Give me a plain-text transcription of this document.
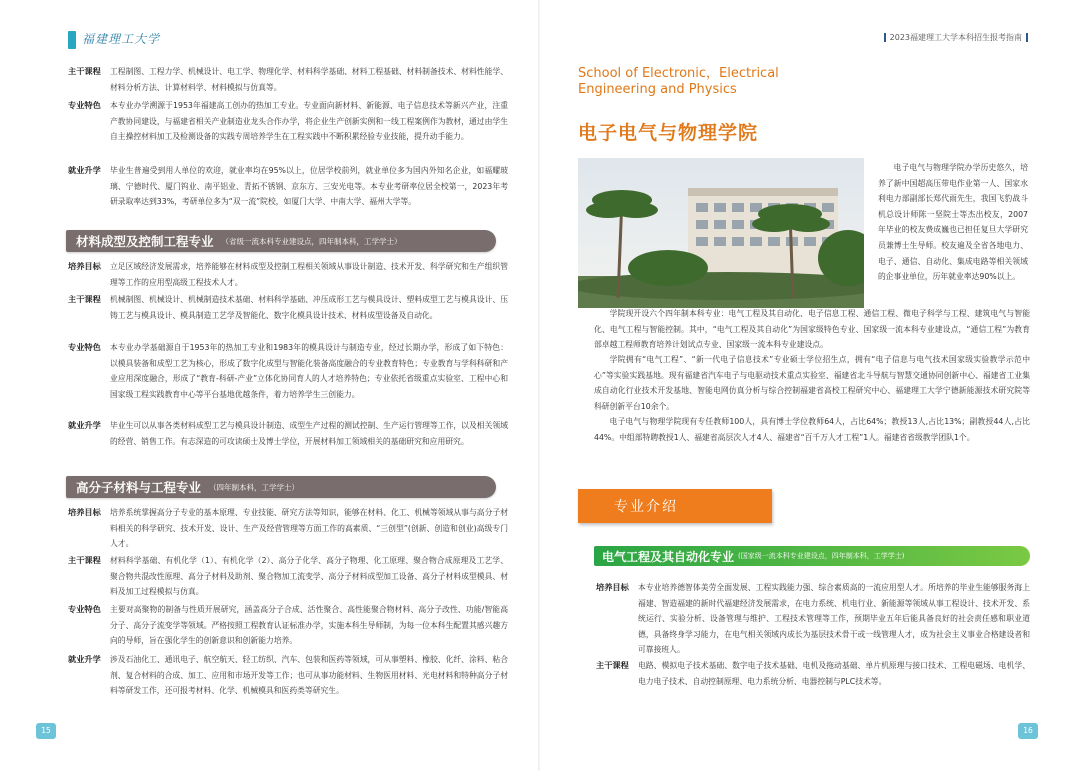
福建理工大学
主干课程	工程制图、工程力学、机械设计、电工学、物理化学、材料科学基础、材料工程基础、材料制备技术、材料性能学、材料分析方法、计算材料学、材料模拟与仿真等。
专业特色	本专业办学溯源于1953年福建高工创办的热加工专业。专业面向新材料、新能源、电子信息技术等新兴产业，注重产教协同建设，与福建省相关产业制造业龙头合作办学，将企业生产创新实例和一线工程案例作为教材，通过由学生自主操控材料加工及检测设备的实践专周培养学生在工程实践中不断积累经验专业技能，提升动手能力。
就业升学	毕业生普遍受到用人单位的欢迎，就业率均在95%以上，位居学校前列，就业单位多为国内外知名企业，如福耀玻璃、宁德时代、厦门钨业、南平铝业、青拓不锈钢、京东方、三安光电等。本专业考研率位居全校第一，2023年考研录取率达到33%，考研单位多为“双一流”院校，如厦门大学、中南大学、福州大学等。
材料成型及控制工程专业 （省级一流本科专业建设点，四年制本科，工学学士）
培养目标	立足区域经济发展需求，培养能够在材料成型及控制工程相关领域从事设计制造、技术开发、科学研究和生产组织管理等工作的应用型高级工程技术人才。
主干课程	机械制图、机械设计、机械制造技术基础、材料科学基础、冲压成形工艺与模具设计、塑料成型工艺与模具设计、压铸工艺与模具设计、模具制造工艺学及智能化、数字化模具设计技术、材料成型设备及自动化。
专业特色	本专业办学基础源自于1953年的热加工专业和1983年的模具设计与制造专业，经过长期办学，形成了如下特色：以模具装备和成型工艺为核心，形成了数字化成型与智能化装备高度融合的专业教育特色；专业教育与学科科研和产业应用深度融合，形成了“教育-科研-产业”立体化协同育人的人才培养特色；专业依托省级重点实验室、工程中心和国家级工程实践教育中心等平台基地优越条件，着力培养学生三创能力。
就业升学	毕业生可以从事各类材料成型工艺与模具设计制造、成型生产过程的测试控制、生产运行管理等工作，以及相关领域的经营、销售工作。有志深造的可攻读硕士及博士学位，开展材料加工领域相关的基础研究和应用研究。
高分子材料与工程专业 （四年制本科，工学学士）
培养目标	培养系统掌握高分子专业的基本原理、专业技能、研究方法等知识，能够在材料、化工、机械等领域从事与高分子材料相关的科学研究、技术开发、设计、生产及经营管理等方面工作的高素质、“三创型”(创新、创造和创业)高级专门人才。
主干课程	材料科学基础、有机化学（1）、有机化学（2）、高分子化学、高分子物理、化工原理、聚合物合成原理及工艺学、聚合物共混改性原理、高分子材料及助剂、聚合物加工流变学、高分子材料成型加工设备、高分子材料成型模具、材料及加工过程模拟与仿真。
专业特色	主要对高聚物的制备与性质开展研究，涵盖高分子合成、活性聚合、高性能聚合物材料、高分子改性、功能/智能高分子、高分子流变学等领域。严格按照工程教育认证标准办学，实施本科生导师制，为每一位本科生配置其感兴趣方向的导师，旨在强化学生的创新意识和创新能力培养。
就业升学	涉及石油化工、通讯电子、航空航天、轻工纺织、汽车、包装和医药等领域，可从事塑料、橡胶、化纤、涂料、粘合剂、复合材料的合成、加工、应用和市场开发等工作；也可从事功能材料、生物医用材料、光电材料和特种高分子材料等研发工作，还可报考材料、化学、机械模具和医药类等研究生。
2023福建理工大学本科招生报考指南
School of Electronic，Electrical
Engineering and Physics
电子电气与物理学院
电子电气与物理学院办学历史悠久，培养了新中国超高压带电作业第一人、国家水利电力部副部长郑代雨先生，我国飞豹战斗机总设计师陈一坚院士等杰出校友，2007年毕业的校友费成巍也已担任复旦大学研究员兼博士生导师。校友遍及全省各地电力、电子、通信、自动化、集成电路等相关领域的企事业单位，历年就业率达90%以上。
学院现开设六个四年制本科专业：电气工程及其自动化、电子信息工程、通信工程、微电子科学与工程、建筑电气与智能化、电气工程与智能控制。其中，“电气工程及其自动化”为国家级特色专业、国家级一流本科专业建设点，“通信工程”为教育部卓越工程师教育培养计划试点专业、国家级一流本科专业建设点。
学院拥有“电气工程”、“新一代电子信息技术”专业硕士学位招生点，拥有“电子信息与电气技术国家级实验教学示范中心”等实验实践基地。现有福建省汽车电子与电驱动技术重点实验室、福建省北斗导航与智慧交通协同创新中心、福建省工业集成自动化行业技术开发基地、智能电网仿真分析与综合控制福建省高校工程研究中心、福建理工大学宁德新能源技术研究院等科研创新平台10余个。
电子电气与物理学院现有专任教师100人，具有博士学位教师64人，占比64%；教授13人,占比13%；副教授44人,占比44%。中组部特聘教授1人、福建省高层次人才4人、福建省“百千万人才工程”1人。福建省省级教学团队1个。
专业介绍
电气工程及其自动化专业 (国家级一流本科专业建设点，四年制本科，工学学士)
培养目标	本专业培养德智体美劳全面发展、工程实践能力强、综合素质高的一流应用型人才。所培养的毕业生能够服务海上福建、智造福建的新时代福建经济发展需求，在电力系统、机电行业、新能源等领域从事工程设计、技术开发、系统运行、实验分析、设备管理与维护、工程技术管理等工作，预期毕业五年后能具备良好的社会责任感和职业道德，具备终身学习能力，在电气相关领域内成长为基层技术骨干或一线管理人才，成为社会主义事业合格建设者和可靠接班人。
主干课程	电路、模拟电子技术基础、数字电子技术基础、电机及拖动基础、单片机原理与接口技术、工程电磁场、电机学、电力电子技术、自动控制原理、电力系统分析、电器控制与PLC技术等。
15	16
